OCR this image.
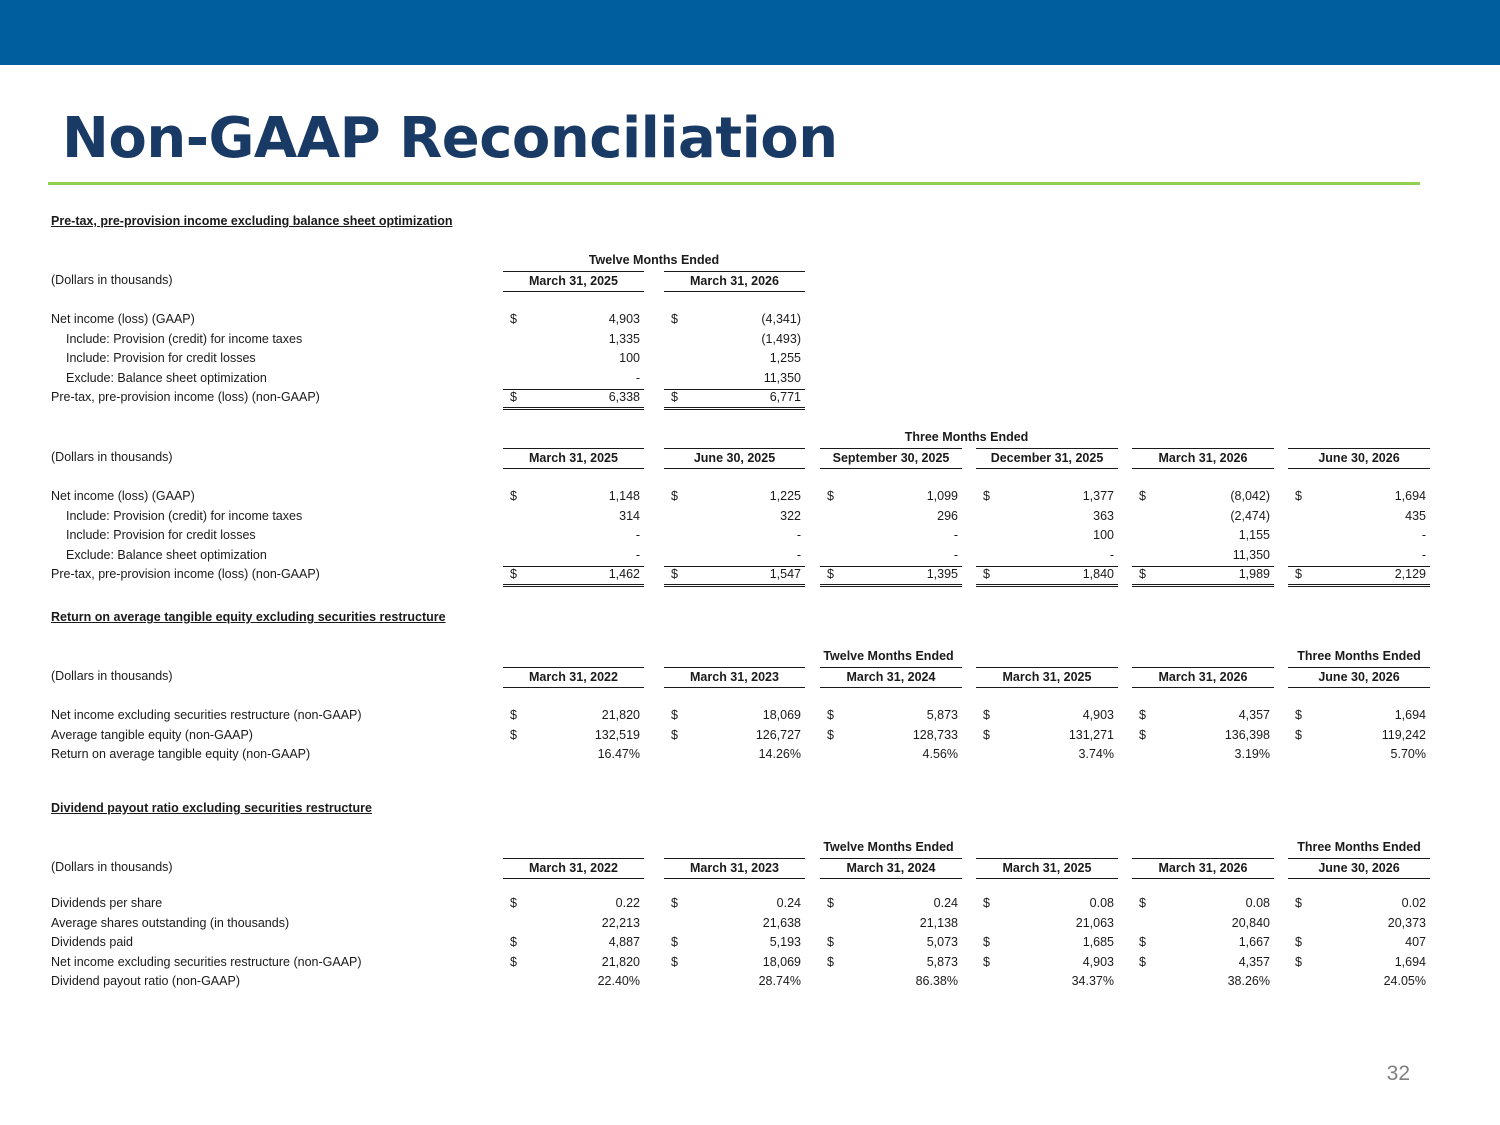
Non-GAAP Reconciliation
Pre-tax, pre-provision income excluding balance sheet optimization
Twelve Months Ended
(Dollars in thousands)	March 31, 2025	March 31, 2026
Net income (loss) (GAAP)	$	4,903 $	(4,341)
Include: Provision (credit) for income taxes	1,335	(1,493)
Include: Provision for credit losses	100	1,255
Exclude: Balance sheet optimization	-	11,350
Pre-tax, pre-provision income (loss) (non-GAAP)	$	6,338 $	6,771
Three Months Ended
(Dollars in thousands)	March 31, 2025	June 30, 2025	September 30, 2025	December 31, 2025	March 31, 2026	June 30, 2026
Net income (loss) (GAAP)	$	1,148 $	1,225 $	1,099 $	1,377 $	(8,042) $	1,694
Include: Provision (credit) for income taxes	314	322	296	363	(2,474)	435
Include: Provision for credit losses	-	-	-	100	1,155	-
Exclude: Balance sheet optimization	-	-	-	-	11,350	-
Pre-tax, pre-provision income (loss) (non-GAAP)	$	1,462 $	1,547 $	1,395 $	1,840 $	1,989 $	2,129
Return on average tangible equity excluding securities restructure
Twelve Months Ended	Three Months Ended
(Dollars in thousands)	March 31, 2022	March 31, 2023	March 31, 2024	March 31, 2025	March 31, 2026	June 30, 2026
Net income excluding securities restructure (non-GAAP)	$	21,820 $	18,069 $	5,873 $	4,903 $	4,357 $	1,694
Average tangible equity (non-GAAP)	$	132,519 $	126,727 $	128,733 $	131,271 $	136,398 $	119,242
Return on average tangible equity (non-GAAP)	16.47%	14.26%	4.56%	3.74%	3.19%	5.70%
Dividend payout ratio excluding securities restructure
Twelve Months Ended	Three Months Ended
(Dollars in thousands)	March 31, 2022	March 31, 2023	March 31, 2024	March 31, 2025	March 31, 2026	June 30, 2026
Dividends per share	$	0.22 $	0.24 $	0.24 $	0.08 $	0.08 $	0.02
Average shares outstanding (in thousands)	22,213	21,638	21,138	21,063	20,840	20,373
Dividends paid	$	4,887 $	5,193 $	5,073 $	1,685 $	1,667 $	407
Net income excluding securities restructure (non-GAAP)	$	21,820 $	18,069 $	5,873 $	4,903 $	4,357 $	1,694
Dividend payout ratio (non-GAAP)	22.40%	28.74%	86.38%	34.37%	38.26%	24.05%
32
